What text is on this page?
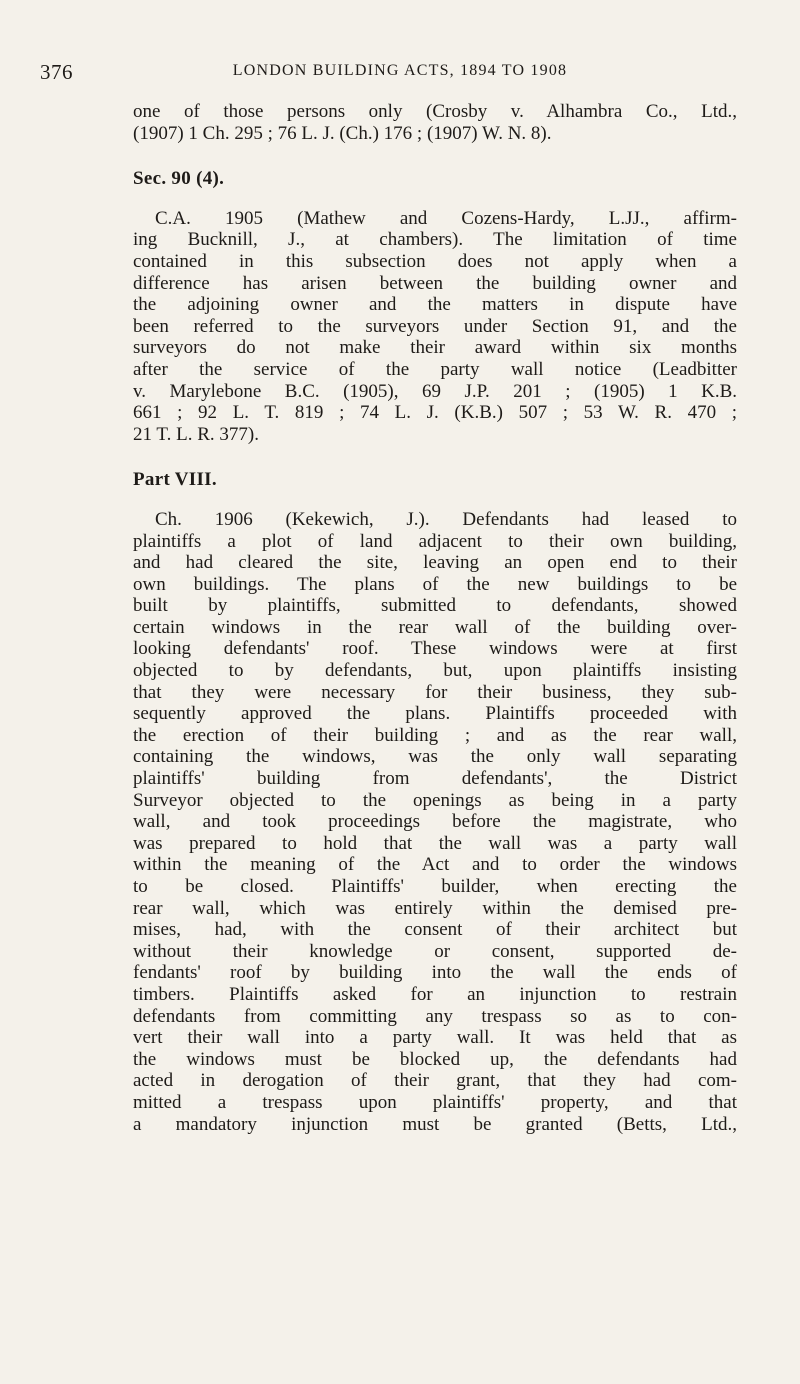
376	LONDON BUILDING ACTS, 1894 TO 1908
one of those persons only (Crosby v. Alhambra Co., Ltd.,
(1907) 1 Ch. 295 ; 76 L. J. (Ch.) 176 ; (1907) W. N. 8).
Sec. 90 (4).
C.A. 1905 (Mathew and Cozens-Hardy, L.JJ., affirm-
ing Bucknill, J., at chambers). The limitation of time
contained in this subsection does not apply when a
difference has arisen between the building owner and
the adjoining owner and the matters in dispute have
been referred to the surveyors under Section 91, and the
surveyors do not make their award within six months
after the service of the party wall notice (Leadbitter
v. Marylebone B.C. (1905), 69 J.P. 201 ; (1905) 1 K.B.
661 ; 92 L. T. 819 ; 74 L. J. (K.B.) 507 ; 53 W. R. 470 ;
21 T. L. R. 377).
Part VIII.
Ch. 1906 (Kekewich, J.). Defendants had leased to
plaintiffs a plot of land adjacent to their own building,
and had cleared the site, leaving an open end to their
own buildings. The plans of the new buildings to be
built by plaintiffs, submitted to defendants, showed
certain windows in the rear wall of the building over-
looking defendants' roof. These windows were at first
objected to by defendants, but, upon plaintiffs insisting
that they were necessary for their business, they sub-
sequently approved the plans. Plaintiffs proceeded with
the erection of their building ; and as the rear wall,
containing the windows, was the only wall separating
plaintiffs' building from defendants', the District
Surveyor objected to the openings as being in a party
wall, and took proceedings before the magistrate, who
was prepared to hold that the wall was a party wall
within the meaning of the Act and to order the windows
to be closed. Plaintiffs' builder, when erecting the
rear wall, which was entirely within the demised pre-
mises, had, with the consent of their architect but
without their knowledge or consent, supported de-
fendants' roof by building into the wall the ends of
timbers. Plaintiffs asked for an injunction to restrain
defendants from committing any trespass so as to con-
vert their wall into a party wall. It was held that as
the windows must be blocked up, the defendants had
acted in derogation of their grant, that they had com-
mitted a trespass upon plaintiffs' property, and that
a mandatory injunction must be granted (Betts, Ltd.,
